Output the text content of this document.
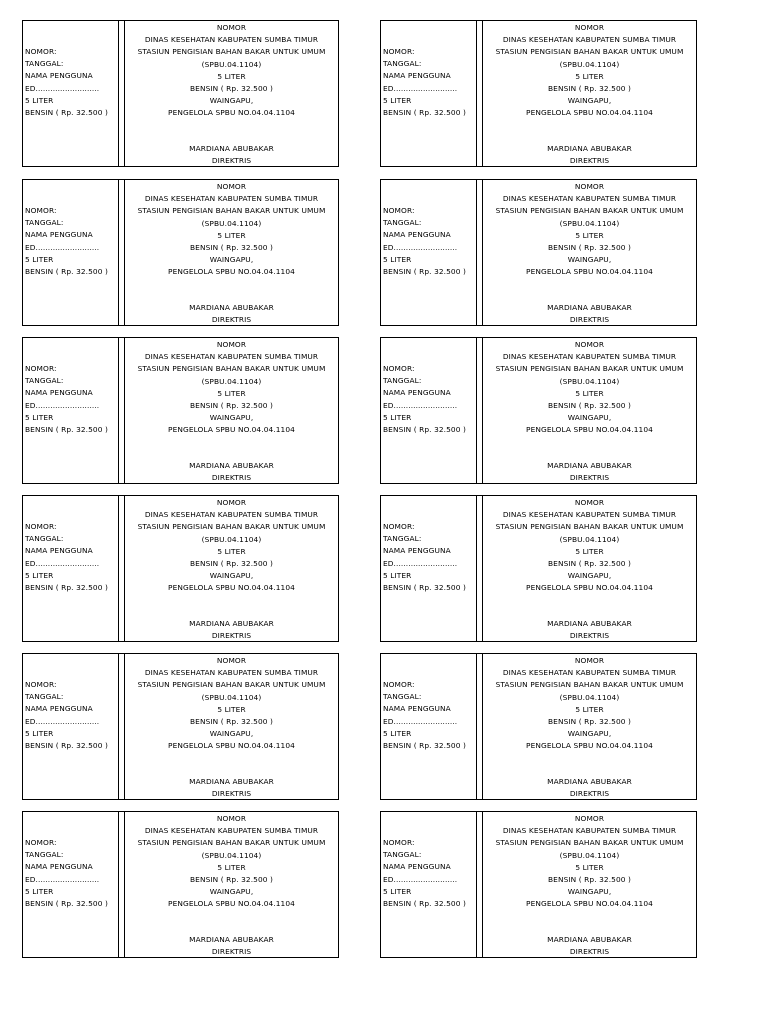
NOMOR:
TANGGAL:
NAMA PENGGUNA
ED..........................
5 LITER
BENSIN ( Rp. 32.500 )
NOMOR
DINAS KESEHATAN KABUPATEN SUMBA TIMUR
STASIUN PENGISIAN BAHAN BAKAR UNTUK UMUM
(SPBU.04.1104)
5 LITER
BENSIN ( Rp. 32.500 )
WAINGAPU,
PENGELOLA SPBU NO.04.04.1104
MARDIANA ABUBAKAR
DIREKTRIS
NOMOR:
TANGGAL:
NAMA PENGGUNA
ED..........................
5 LITER
BENSIN ( Rp. 32.500 )
NOMOR
DINAS KESEHATAN KABUPATEN SUMBA TIMUR
STASIUN PENGISIAN BAHAN BAKAR UNTUK UMUM
(SPBU.04.1104)
5 LITER
BENSIN ( Rp. 32.500 )
WAINGAPU,
PENGELOLA SPBU NO.04.04.1104
MARDIANA ABUBAKAR
DIREKTRIS
NOMOR:
TANGGAL:
NAMA PENGGUNA
ED..........................
5 LITER
BENSIN ( Rp. 32.500 )
NOMOR
DINAS KESEHATAN KABUPATEN SUMBA TIMUR
STASIUN PENGISIAN BAHAN BAKAR UNTUK UMUM
(SPBU.04.1104)
5 LITER
BENSIN ( Rp. 32.500 )
WAINGAPU,
PENGELOLA SPBU NO.04.04.1104
MARDIANA ABUBAKAR
DIREKTRIS
NOMOR:
TANGGAL:
NAMA PENGGUNA
ED..........................
5 LITER
BENSIN ( Rp. 32.500 )
NOMOR
DINAS KESEHATAN KABUPATEN SUMBA TIMUR
STASIUN PENGISIAN BAHAN BAKAR UNTUK UMUM
(SPBU.04.1104)
5 LITER
BENSIN ( Rp. 32.500 )
WAINGAPU,
PENGELOLA SPBU NO.04.04.1104
MARDIANA ABUBAKAR
DIREKTRIS
NOMOR:
TANGGAL:
NAMA PENGGUNA
ED..........................
5 LITER
BENSIN ( Rp. 32.500 )
NOMOR
DINAS KESEHATAN KABUPATEN SUMBA TIMUR
STASIUN PENGISIAN BAHAN BAKAR UNTUK UMUM
(SPBU.04.1104)
5 LITER
BENSIN ( Rp. 32.500 )
WAINGAPU,
PENGELOLA SPBU NO.04.04.1104
MARDIANA ABUBAKAR
DIREKTRIS
NOMOR:
TANGGAL:
NAMA PENGGUNA
ED..........................
5 LITER
BENSIN ( Rp. 32.500 )
NOMOR
DINAS KESEHATAN KABUPATEN SUMBA TIMUR
STASIUN PENGISIAN BAHAN BAKAR UNTUK UMUM
(SPBU.04.1104)
5 LITER
BENSIN ( Rp. 32.500 )
WAINGAPU,
PENGELOLA SPBU NO.04.04.1104
MARDIANA ABUBAKAR
DIREKTRIS
NOMOR:
TANGGAL:
NAMA PENGGUNA
ED..........................
5 LITER
BENSIN ( Rp. 32.500 )
NOMOR
DINAS KESEHATAN KABUPATEN SUMBA TIMUR
STASIUN PENGISIAN BAHAN BAKAR UNTUK UMUM
(SPBU.04.1104)
5 LITER
BENSIN ( Rp. 32.500 )
WAINGAPU,
PENGELOLA SPBU NO.04.04.1104
MARDIANA ABUBAKAR
DIREKTRIS
NOMOR:
TANGGAL:
NAMA PENGGUNA
ED..........................
5 LITER
BENSIN ( Rp. 32.500 )
NOMOR
DINAS KESEHATAN KABUPATEN SUMBA TIMUR
STASIUN PENGISIAN BAHAN BAKAR UNTUK UMUM
(SPBU.04.1104)
5 LITER
BENSIN ( Rp. 32.500 )
WAINGAPU,
PENGELOLA SPBU NO.04.04.1104
MARDIANA ABUBAKAR
DIREKTRIS
NOMOR:
TANGGAL:
NAMA PENGGUNA
ED..........................
5 LITER
BENSIN ( Rp. 32.500 )
NOMOR
DINAS KESEHATAN KABUPATEN SUMBA TIMUR
STASIUN PENGISIAN BAHAN BAKAR UNTUK UMUM
(SPBU.04.1104)
5 LITER
BENSIN ( Rp. 32.500 )
WAINGAPU,
PENGELOLA SPBU NO.04.04.1104
MARDIANA ABUBAKAR
DIREKTRIS
NOMOR:
TANGGAL:
NAMA PENGGUNA
ED..........................
5 LITER
BENSIN ( Rp. 32.500 )
NOMOR
DINAS KESEHATAN KABUPATEN SUMBA TIMUR
STASIUN PENGISIAN BAHAN BAKAR UNTUK UMUM
(SPBU.04.1104)
5 LITER
BENSIN ( Rp. 32.500 )
WAINGAPU,
PENGELOLA SPBU NO.04.04.1104
MARDIANA ABUBAKAR
DIREKTRIS
NOMOR:
TANGGAL:
NAMA PENGGUNA
ED..........................
5 LITER
BENSIN ( Rp. 32.500 )
NOMOR
DINAS KESEHATAN KABUPATEN SUMBA TIMUR
STASIUN PENGISIAN BAHAN BAKAR UNTUK UMUM
(SPBU.04.1104)
5 LITER
BENSIN ( Rp. 32.500 )
WAINGAPU,
PENGELOLA SPBU NO.04.04.1104
MARDIANA ABUBAKAR
DIREKTRIS
NOMOR:
TANGGAL:
NAMA PENGGUNA
ED..........................
5 LITER
BENSIN ( Rp. 32.500 )
NOMOR
DINAS KESEHATAN KABUPATEN SUMBA TIMUR
STASIUN PENGISIAN BAHAN BAKAR UNTUK UMUM
(SPBU.04.1104)
5 LITER
BENSIN ( Rp. 32.500 )
WAINGAPU,
PENGELOLA SPBU NO.04.04.1104
MARDIANA ABUBAKAR
DIREKTRIS
